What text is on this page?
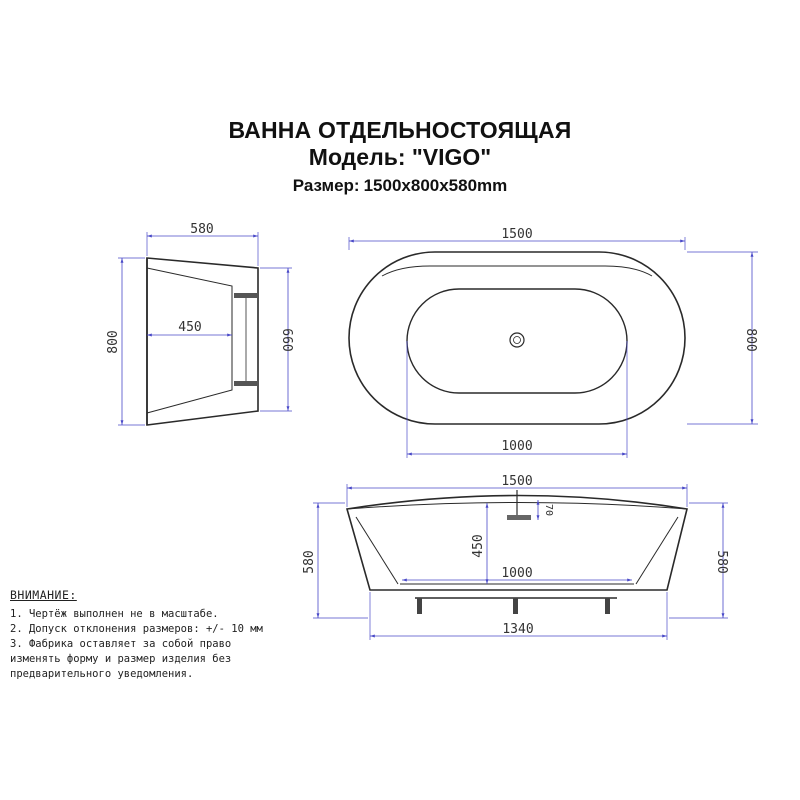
ВАННА ОТДЕЛЬНОСТОЯЩАЯ
Модель: "VIGO"
Размер: 1500x800x580mm
580
800
450
660
1500
800
1000
1500
580	580
450
70
1000
1340
ВНИМАНИЕ:
1. Чертёж выполнен не в масштабе.
2. Допуск отклонения размеров: +/- 10 мм
3. Фабрика оставляет за собой право
изменять форму и размер изделия без
предварительного уведомления.
